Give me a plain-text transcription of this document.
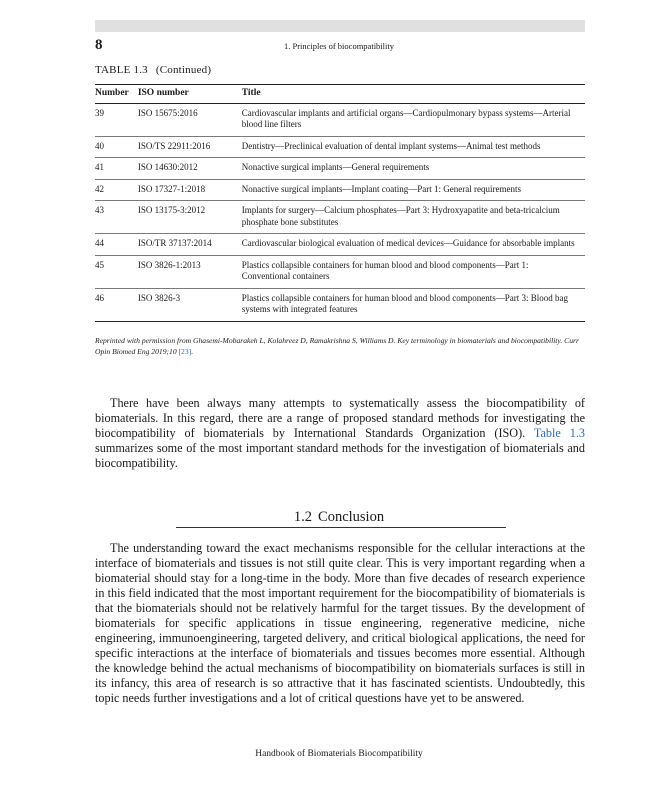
8	1. Principles of biocompatibility
TABLE 1.3 (Continued)
Number	ISO number	Title
39	ISO 15675:2016	Cardiovascular implants and artificial organs—Cardiopulmonary bypass systems—Arterial blood line filters
40	ISO/TS 22911:2016	Dentistry—Preclinical evaluation of dental implant systems—Animal test methods
41	ISO 14630:2012	Nonactive surgical implants—General requirements
42	ISO 17327-1:2018	Nonactive surgical implants—Implant coating—Part 1: General requirements
43	ISO 13175-3:2012	Implants for surgery—Calcium phosphates—Part 3: Hydroxyapatite and beta-tricalcium phosphate bone substitutes
44	ISO/TR 37137:2014	Cardiovascular biological evaluation of medical devices—Guidance for absorbable implants
45	ISO 3826-1:2013	Plastics collapsible containers for human blood and blood components—Part 1: Conventional containers
46	ISO 3826-3	Plastics collapsible containers for human blood and blood components—Part 3: Blood bag systems with integrated features
Reprinted with permission from Ghasemi-Mobarakeh L, Kolahreez D, Ramakrishna S, Williams D. Key terminology in biomaterials and biocompatibility. Curr Opin Biomed Eng 2019;10 [23].

There have been always many attempts to systematically assess the biocompatibility of biomaterials. In this regard, there are a range of proposed standard methods for investigating the biocompatibility of biomaterials by International Standards Organization (ISO). Table 1.3 summarizes some of the most important standard methods for the investigation of biomaterials and biocompatibility.

1.2 Conclusion

The understanding toward the exact mechanisms responsible for the cellular interactions at the interface of biomaterials and tissues is not still quite clear. This is very important regarding when a biomaterial should stay for a long-time in the body. More than five decades of research experience in this field indicated that the most important requirement for the biocompatibility of biomaterials is that the biomaterials should not be relatively harmful for the target tissues. By the development of biomaterials for specific applications in tissue engineering, regenerative medicine, niche engineering, immunoengineering, targeted delivery, and critical biological applications, the need for specific interactions at the interface of biomaterials and tissues becomes more essential. Although the knowledge behind the actual mechanisms of biocompatibility on biomaterials surfaces is still in its infancy, this area of research is so attractive that it has fascinated scientists. Undoubtedly, this topic needs further investigations and a lot of critical questions have yet to be answered.

Handbook of Biomaterials Biocompatibility
